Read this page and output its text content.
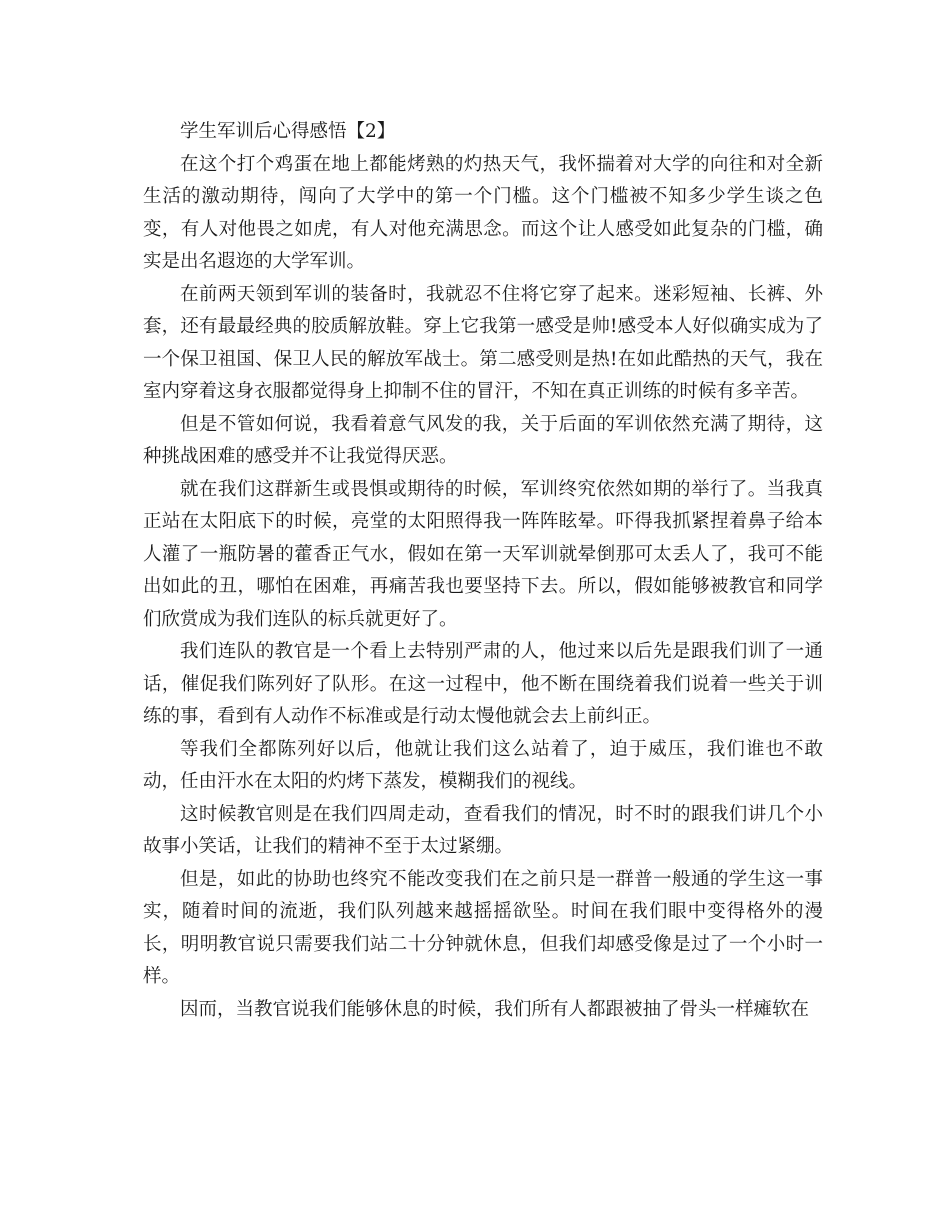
学生军训后心得感悟【2】

在这个打个鸡蛋在地上都能烤熟的灼热天气，我怀揣着对大学的向往和对全新生活的激动期待，闯向了大学中的第一个门槛。这个门槛被不知多少学生谈之色变，有人对他畏之如虎，有人对他充满思念。而这个让人感受如此复杂的门槛，确实是出名遐迩的大学军训。

在前两天领到军训的装备时，我就忍不住将它穿了起来。迷彩短袖、长裤、外套，还有最最经典的胶质解放鞋。穿上它我第一感受是帅!感受本人好似确实成为了一个保卫祖国、保卫人民的解放军战士。第二感受则是热!在如此酷热的天气，我在室内穿着这身衣服都觉得身上抑制不住的冒汗，不知在真正训练的时候有多辛苦。

但是不管如何说，我看着意气风发的我，关于后面的军训依然充满了期待，这种挑战困难的感受并不让我觉得厌恶。

就在我们这群新生或畏惧或期待的时候，军训终究依然如期的举行了。当我真正站在太阳底下的时候，亮堂的太阳照得我一阵阵眩晕。吓得我抓紧捏着鼻子给本人灌了一瓶防暑的藿香正气水，假如在第一天军训就晕倒那可太丢人了，我可不能出如此的丑，哪怕在困难，再痛苦我也要坚持下去。所以，假如能够被教官和同学们欣赏成为我们连队的标兵就更好了。

我们连队的教官是一个看上去特别严肃的人，他过来以后先是跟我们训了一通话，催促我们陈列好了队形。在这一过程中，他不断在围绕着我们说着一些关于训练的事，看到有人动作不标准或是行动太慢他就会去上前纠正。

等我们全都陈列好以后，他就让我们这么站着了，迫于威压，我们谁也不敢动，任由汗水在太阳的灼烤下蒸发，模糊我们的视线。

这时候教官则是在我们四周走动，查看我们的情况，时不时的跟我们讲几个小故事小笑话，让我们的精神不至于太过紧绷。

但是，如此的协助也终究不能改变我们在之前只是一群普一般通的学生这一事实，随着时间的流逝，我们队列越来越摇摇欲坠。时间在我们眼中变得格外的漫长，明明教官说只需要我们站二十分钟就休息，但我们却感受像是过了一个小时一样。

因而，当教官说我们能够休息的时候，我们所有人都跟被抽了骨头一样瘫软在
